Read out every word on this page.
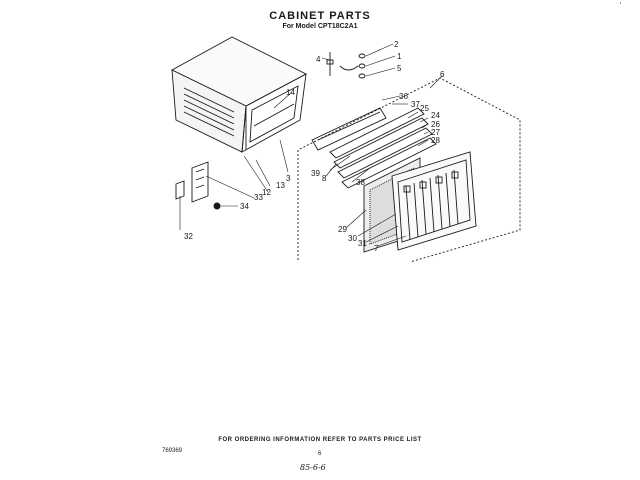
CABINET PARTS
For Model CPT18C2A1
'
1
2
3
4
5
6
7
8
12
13
14
24
25
26
27
28
29
30
31
32
33
34
36
37
38
39
FOR ORDERING INFORMATION REFER TO PARTS PRICE LIST
769369	6
85-6-6
